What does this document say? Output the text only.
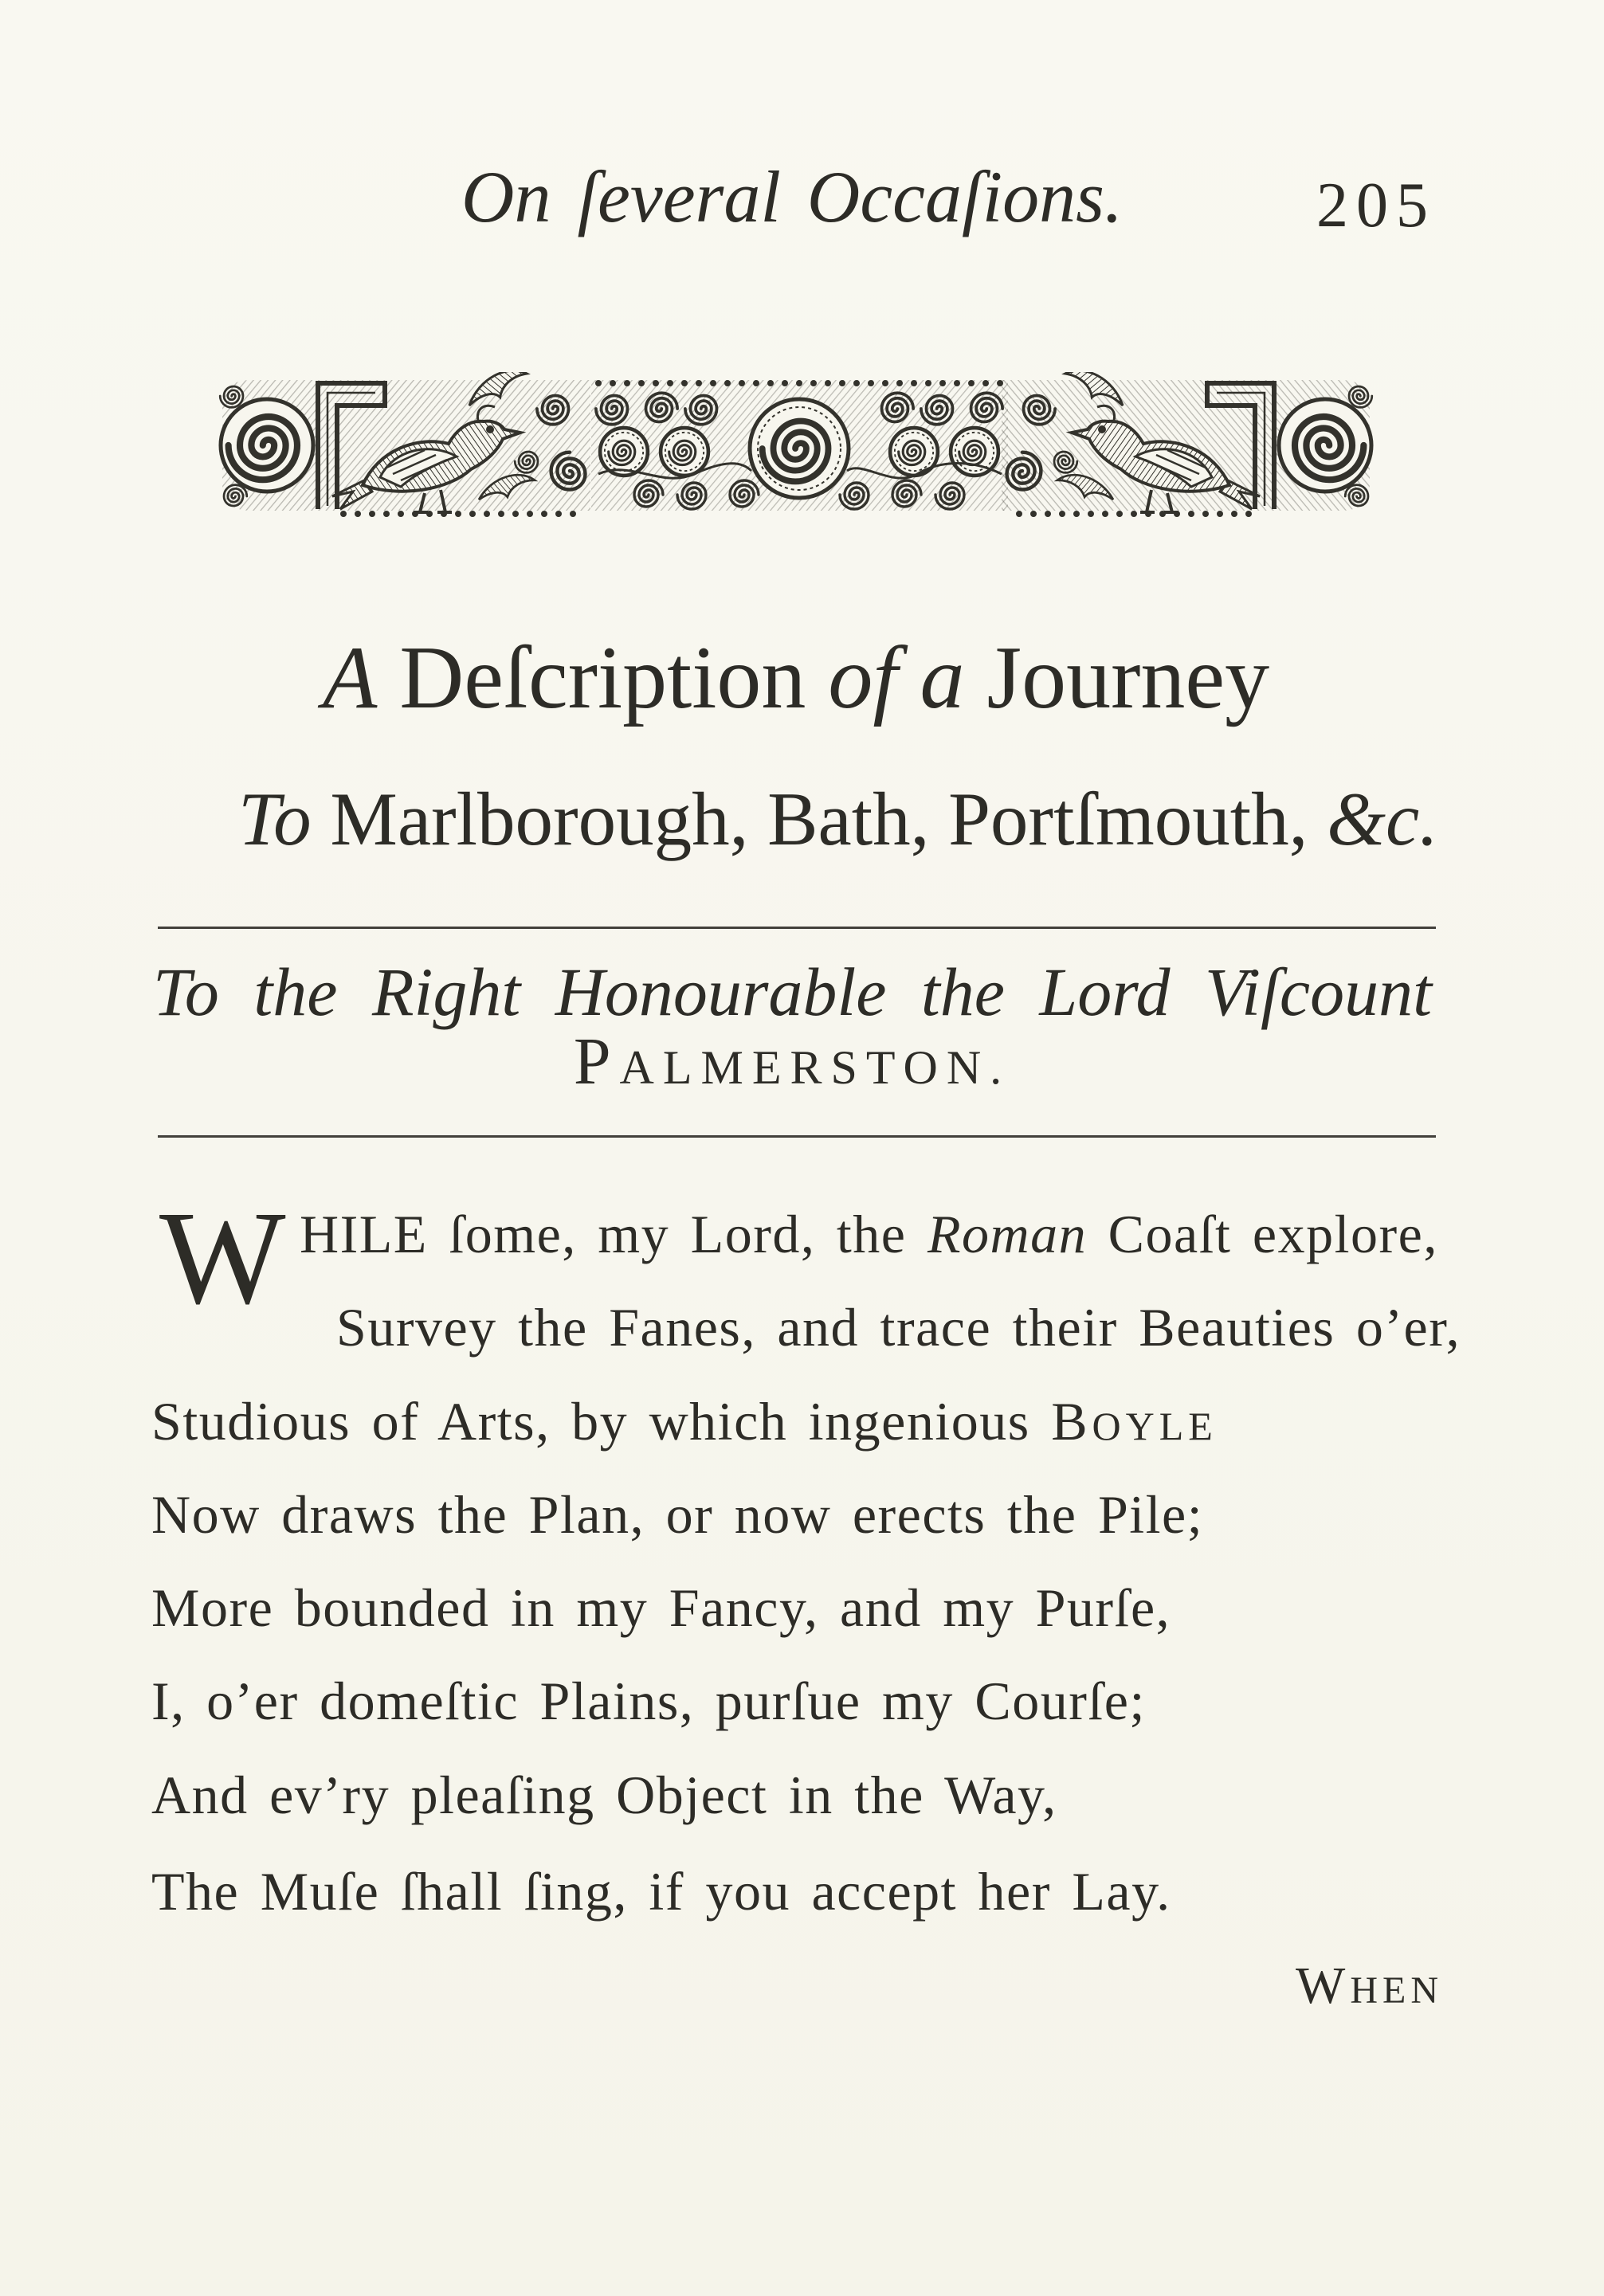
On ſeveral Occaſions.	205
A Deſcription of a Journey
To Marlborough, Bath, Portſmouth, &c.
To the Right Honourable the Lord Viſcount
PALMERSTON.
W HILE ſome, my Lord, the Roman Coaſt explore,
Survey the Fanes, and trace their Beauties o’er,
Studious of Arts, by which ingenious BOYLE
Now draws the Plan, or now erects the Pile;
More bounded in my Fancy, and my Purſe,
I, o’er domeſtic Plains, purſue my Courſe;
And ev’ry pleaſing Object in the Way,
The Muſe ſhall ſing, if you accept her Lay.
WHEN
